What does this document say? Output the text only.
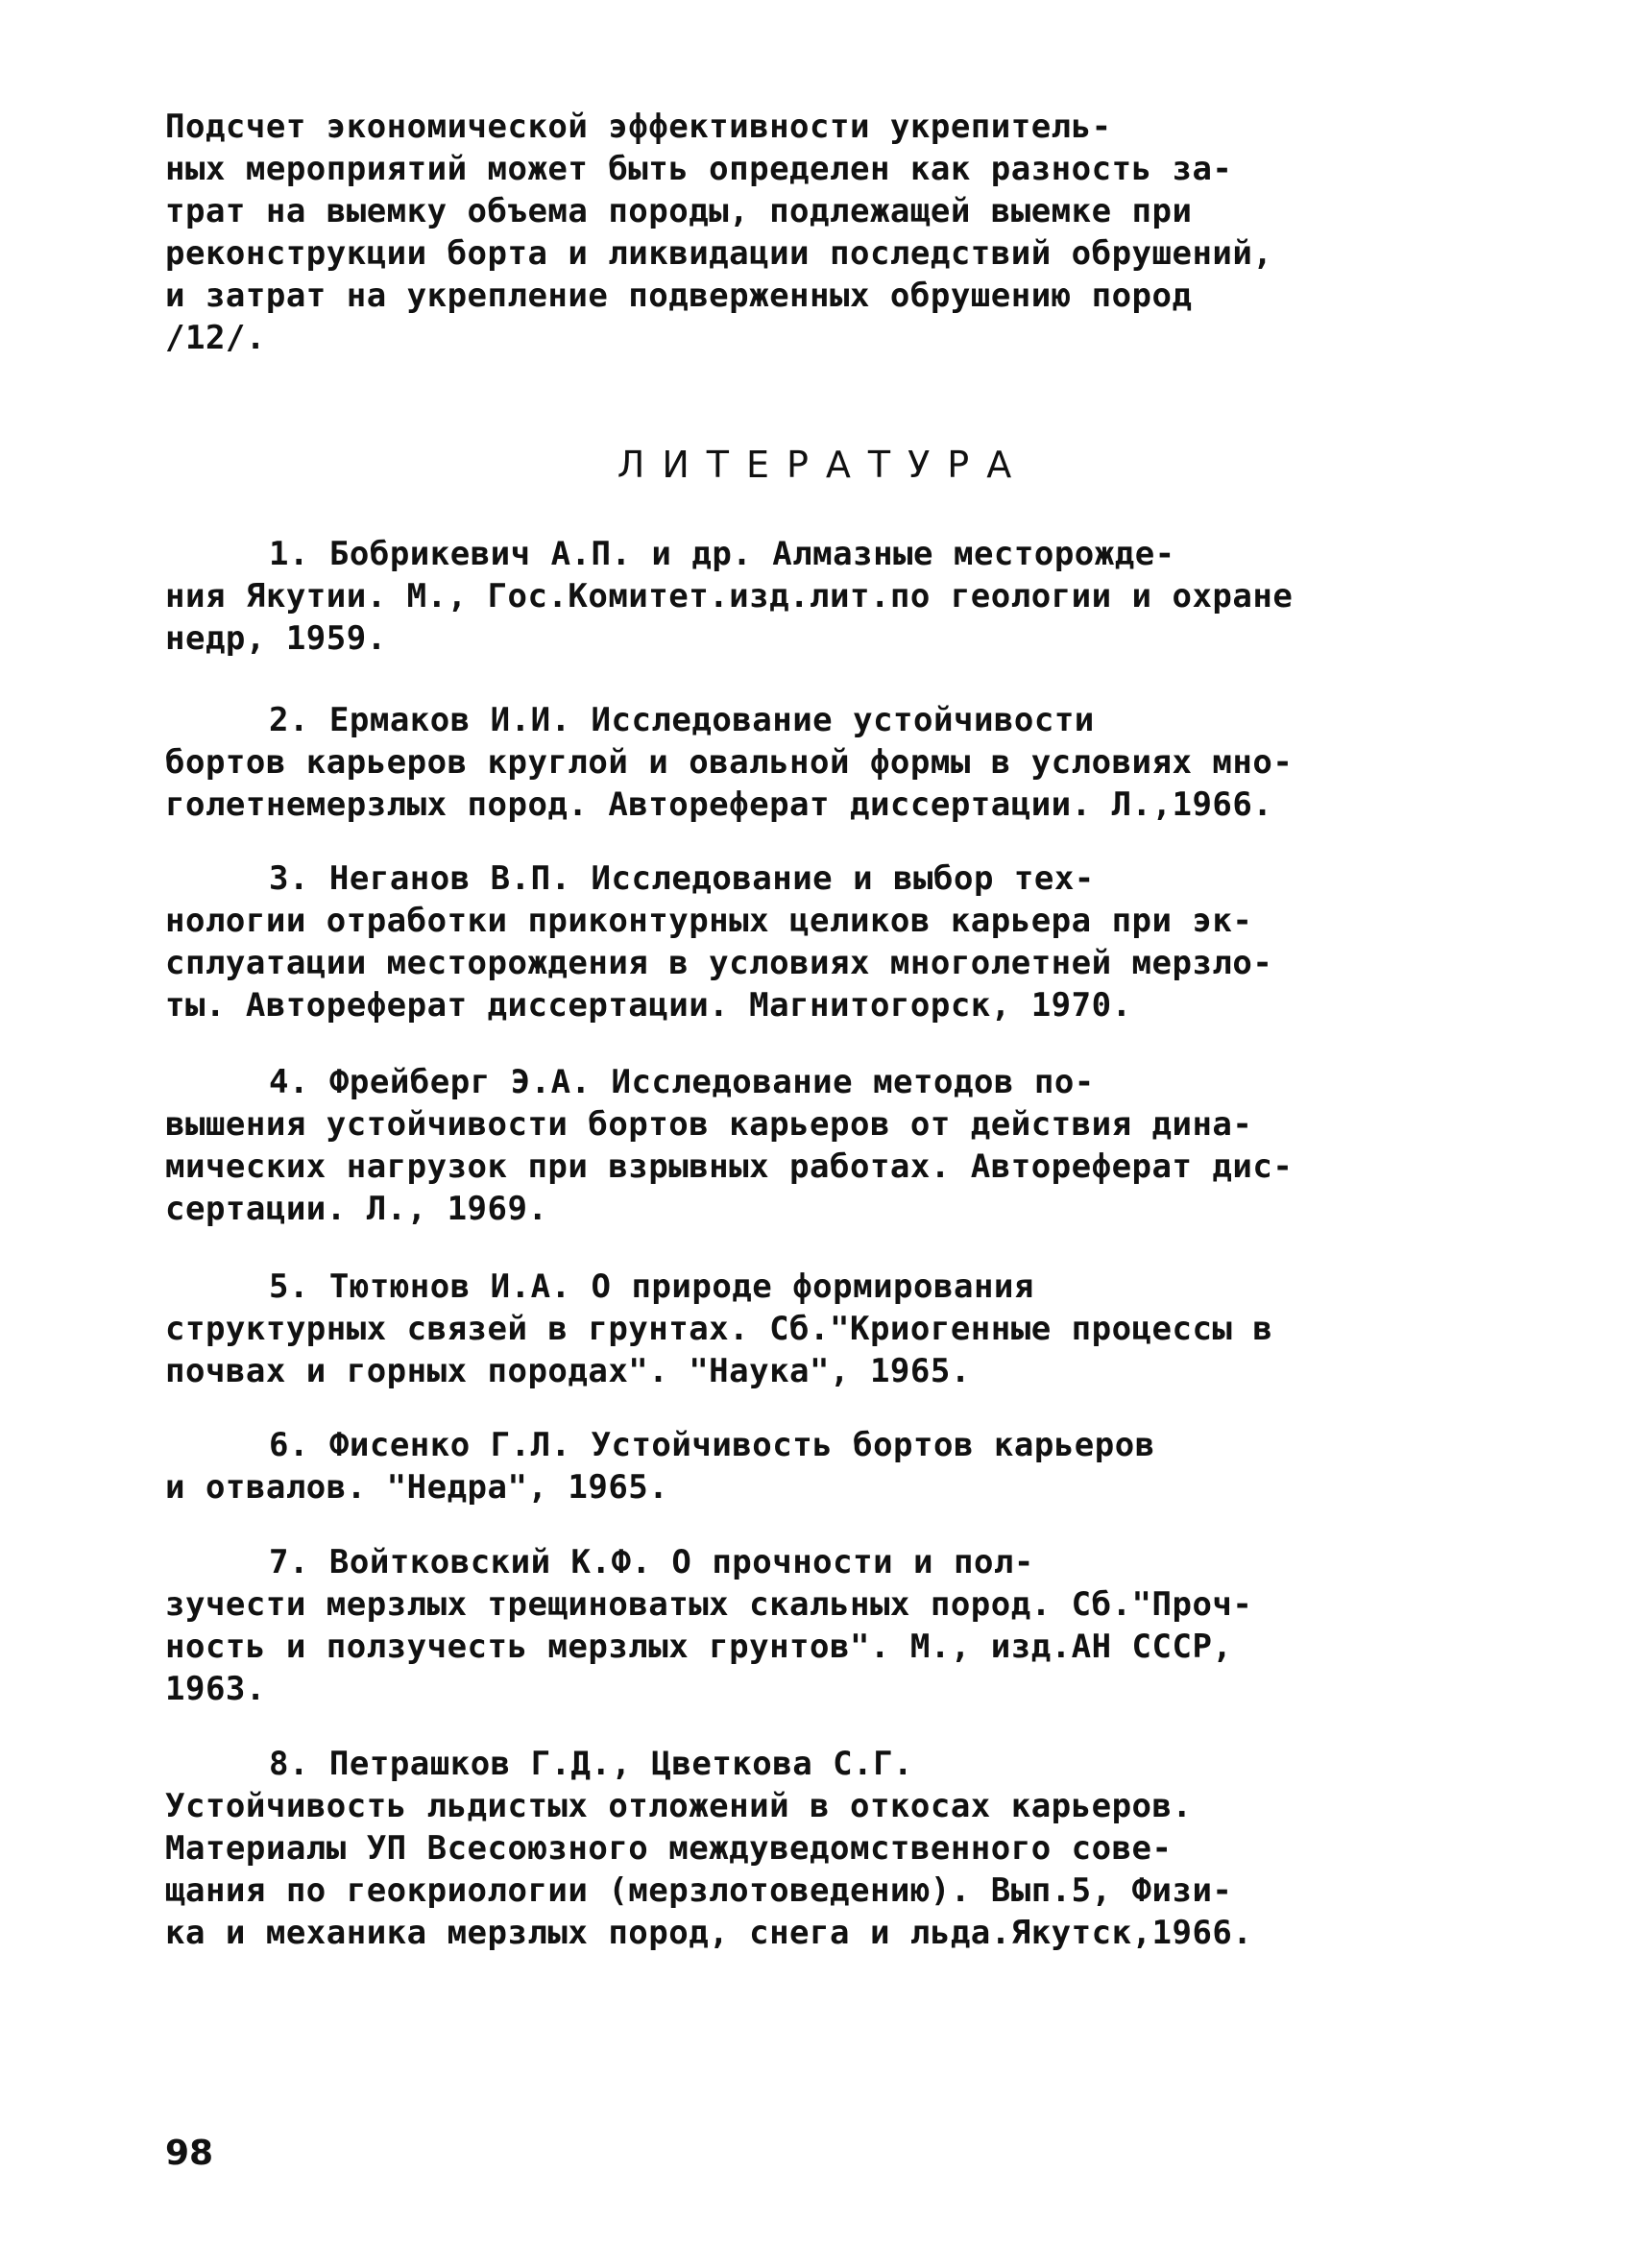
Подсчет экономической эффективности укрепитель-
ных мероприятий может быть определен как разность за-
трат на выемку объема породы, подлежащей выемке при
реконструкции борта и ликвидации последствий обрушений,
и затрат на укрепление подверженных обрушению пород
/12/.
ЛИТЕРАТУРА
1. Бобрикевич А.П. и др. Алмазные месторожде-
ния Якутии. М., Гос.Комитет.изд.лит.по геологии и охране
недр, 1959.
2. Ермаков И.И. Исследование устойчивости
бортов карьеров круглой и овальной формы в условиях мно-
голетнемерзлых пород. Автореферат диссертации. Л.,1966.
3. Неганов В.П. Исследование и выбор тех-
нологии отработки приконтурных целиков карьера при эк-
сплуатации месторождения в условиях многолетней мерзло-
ты. Автореферат диссертации. Магнитогорск, 1970.
4. Фрейберг Э.А. Исследование методов по-
вышения устойчивости бортов карьеров от действия дина-
мических нагрузок при взрывных работах. Автореферат дис-
сертации. Л., 1969.
5. Тютюнов И.А. О природе формирования
структурных связей в грунтах. Сб."Криогенные процессы в
почвах и горных породах". "Наука", 1965.
6. Фисенко Г.Л. Устойчивость бортов карьеров
и отвалов. "Недра", 1965.
7. Войтковский К.Ф. О прочности и пол-
зучести мерзлых трещиноватых скальных пород. Сб."Проч-
ность и ползучесть мерзлых грунтов". М., изд.АН СССР,
1963.
8. Петрашков Г.Д., Цветкова С.Г.
Устойчивость льдистых отложений в откосах карьеров.
Материалы УП Всесоюзного междуведомственного сове-
щания по геокриологии (мерзлотоведению). Вып.5, Физи-
ка и механика мерзлых пород, снега и льда.Якутск,1966.
98
